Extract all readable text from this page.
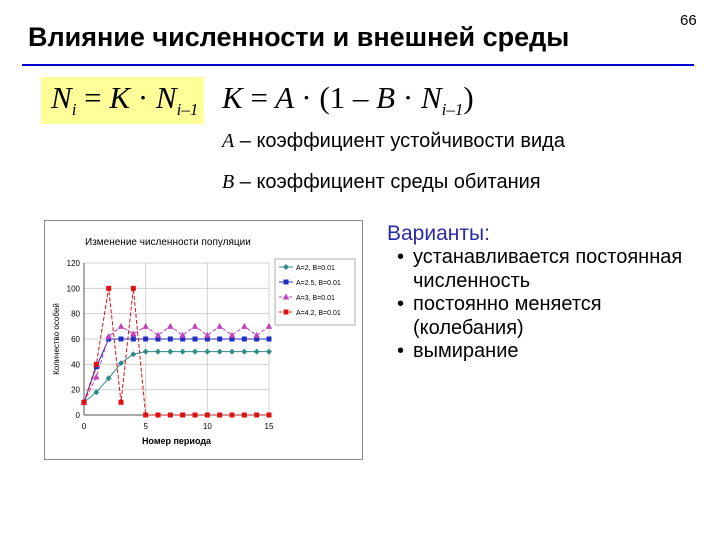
Влияние численности и внешней среды
66
$N_i = K \cdot N_{i-1}$ $K = A \cdot (1 - B \cdot N_{i-1})$
A – коэффициент устойчивости вида
B – коэффициент среды обитания
Изменение численности популяции
0
20
40
60
80
100
120
0	5	10	15
Номер периода
Количество особей
A=2, B=0.01
A=2.5, B=0.01
A=3, B=0.01
A=4.2, B=0.01
Варианты:
• устанавливается постоянная численность
• постоянно меняется (колебания)
• вымирание
